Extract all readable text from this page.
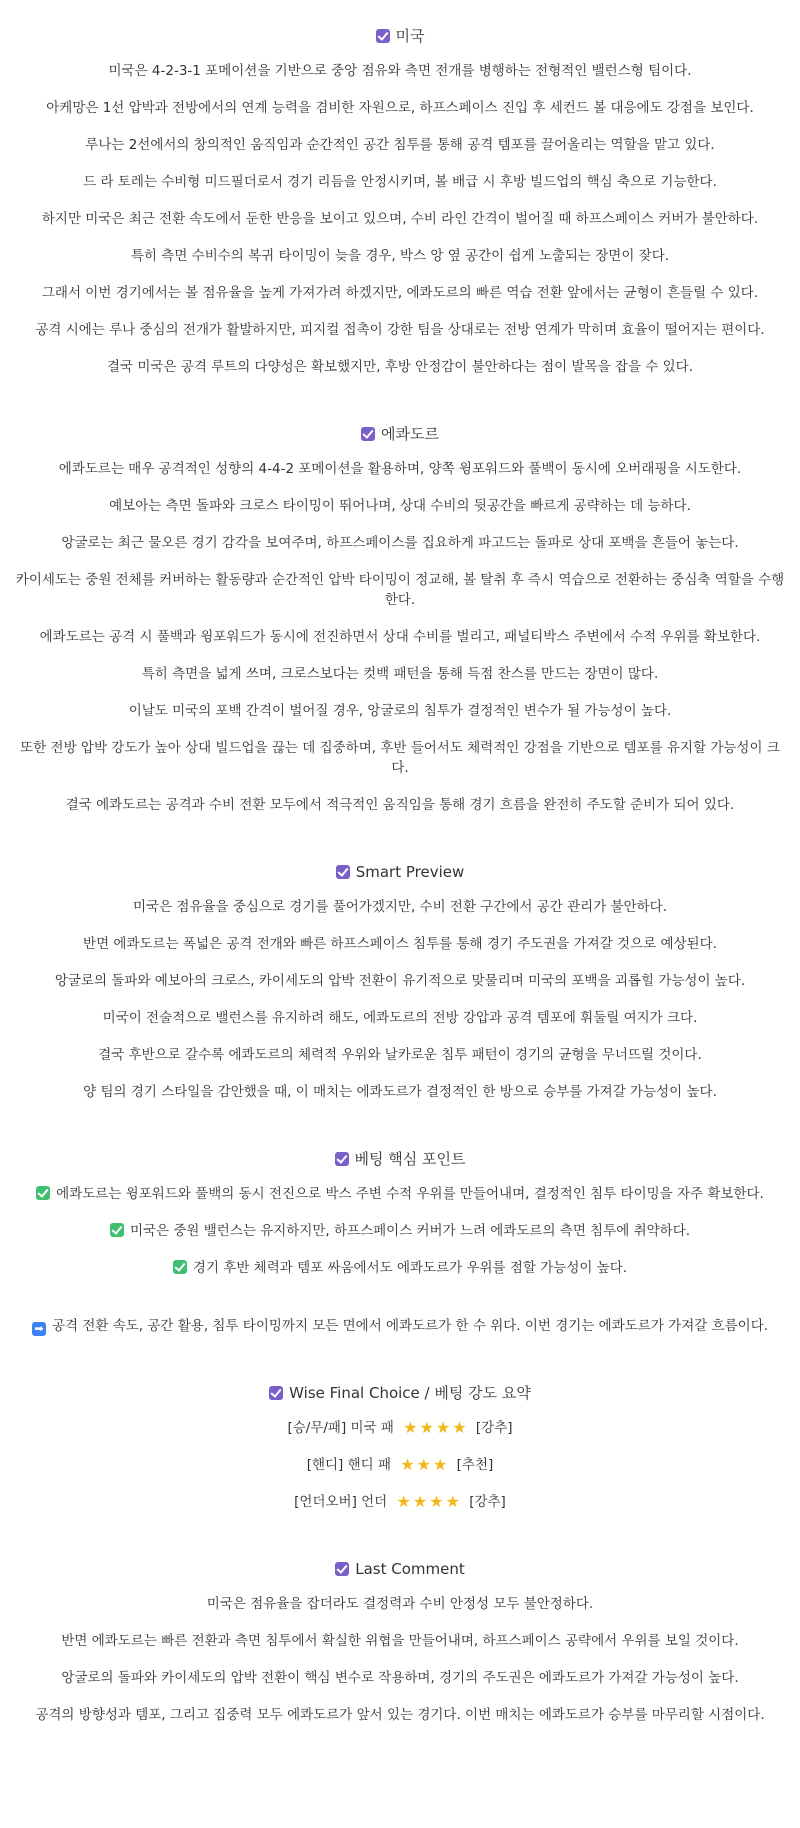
미국

미국은 4-2-3-1 포메이션을 기반으로 중앙 점유와 측면 전개를 병행하는 전형적인 밸런스형 팀이다.

아케망은 1선 압박과 전방에서의 연계 능력을 겸비한 자원으로, 하프스페이스 진입 후 세컨드 볼 대응에도 강점을 보인다.

루나는 2선에서의 창의적인 움직임과 순간적인 공간 침투를 통해 공격 템포를 끌어올리는 역할을 맡고 있다.

드 라 토레는 수비형 미드필더로서 경기 리듬을 안정시키며, 볼 배급 시 후방 빌드업의 핵심 축으로 기능한다.

하지만 미국은 최근 전환 속도에서 둔한 반응을 보이고 있으며, 수비 라인 간격이 벌어질 때 하프스페이스 커버가 불안하다.

특히 측면 수비수의 복귀 타이밍이 늦을 경우, 박스 앙 옆 공간이 쉽게 노출되는 장면이 잦다.

그래서 이번 경기에서는 볼 점유율을 높게 가져가려 하겠지만, 에콰도르의 빠른 역습 전환 앞에서는 균형이 흔들릴 수 있다.

공격 시에는 루나 중심의 전개가 활발하지만, 피지컬 접촉이 강한 팀을 상대로는 전방 연계가 막히며 효율이 떨어지는 편이다.

결국 미국은 공격 루트의 다양성은 확보했지만, 후방 안정감이 불안하다는 점이 발목을 잡을 수 있다.

에콰도르

에콰도르는 매우 공격적인 성향의 4-4-2 포메이션을 활용하며, 양쪽 윙포워드와 풀백이 동시에 오버래핑을 시도한다.

예보아는 측면 돌파와 크로스 타이밍이 뛰어나며, 상대 수비의 뒷공간을 빠르게 공략하는 데 능하다.

앙굴로는 최근 물오른 경기 감각을 보여주며, 하프스페이스를 집요하게 파고드는 돌파로 상대 포백을 흔들어 놓는다.

카이세도는 중원 전체를 커버하는 활동량과 순간적인 압박 타이밍이 정교해, 볼 탈취 후 즉시 역습으로 전환하는 중심축 역할을 수행한다.

에콰도르는 공격 시 풀백과 윙포워드가 동시에 전진하면서 상대 수비를 벌리고, 패널티박스 주변에서 수적 우위를 확보한다.

특히 측면을 넓게 쓰며, 크로스보다는 컷백 패턴을 통해 득점 찬스를 만드는 장면이 많다.

이날도 미국의 포백 간격이 벌어질 경우, 앙굴로의 침투가 결정적인 변수가 될 가능성이 높다.

또한 전방 압박 강도가 높아 상대 빌드업을 끊는 데 집중하며, 후반 들어서도 체력적인 강점을 기반으로 템포를 유지할 가능성이 크다.

결국 에콰도르는 공격과 수비 전환 모두에서 적극적인 움직임을 통해 경기 흐름을 완전히 주도할 준비가 되어 있다.

Smart Preview

미국은 점유율을 중심으로 경기를 풀어가겠지만, 수비 전환 구간에서 공간 관리가 불안하다.

반면 에콰도르는 폭넓은 공격 전개와 빠른 하프스페이스 침투를 통해 경기 주도권을 가져갈 것으로 예상된다.

앙굴로의 돌파와 예보아의 크로스, 카이세도의 압박 전환이 유기적으로 맞물리며 미국의 포백을 괴롭힐 가능성이 높다.

미국이 전술적으로 밸런스를 유지하려 해도, 에콰도르의 전방 강압과 공격 템포에 휘둘릴 여지가 크다.

결국 후반으로 갈수록 에콰도르의 체력적 우위와 날카로운 침투 패턴이 경기의 균형을 무너뜨릴 것이다.

양 팀의 경기 스타일을 감안했을 때, 이 매치는 에콰도르가 결정적인 한 방으로 승부를 가져갈 가능성이 높다.

베팅 핵심 포인트

에콰도르는 윙포워드와 풀백의 동시 전진으로 박스 주변 수적 우위를 만들어내며, 결정적인 침투 타이밍을 자주 확보한다.

미국은 중원 밸런스는 유지하지만, 하프스페이스 커버가 느려 에콰도르의 측면 침투에 취약하다.

경기 후반 체력과 템포 싸움에서도 에콰도르가 우위를 점할 가능성이 높다.

➡ 공격 전환 속도, 공간 활용, 침투 타이밍까지 모든 면에서 에콰도르가 한 수 위다. 이번 경기는 에콰도르가 가져갈 흐름이다.

Wise Final Choice / 베팅 강도 요약

[승/무/패] 미국 패 ★ ★ ★ ★ [강추]

[핸디] 핸디 패 ★ ★ ★ [추천]

[언더오버] 언더 ★ ★ ★ ★ [강추]

Last Comment

미국은 점유율을 잡더라도 결정력과 수비 안정성 모두 불안정하다.

반면 에콰도르는 빠른 전환과 측면 침투에서 확실한 위협을 만들어내며, 하프스페이스 공략에서 우위를 보일 것이다.

앙굴로의 돌파와 카이세도의 압박 전환이 핵심 변수로 작용하며, 경기의 주도권은 에콰도르가 가져갈 가능성이 높다.

공격의 방향성과 템포, 그리고 집중력 모두 에콰도르가 앞서 있는 경기다. 이번 매치는 에콰도르가 승부를 마무리할 시점이다.
